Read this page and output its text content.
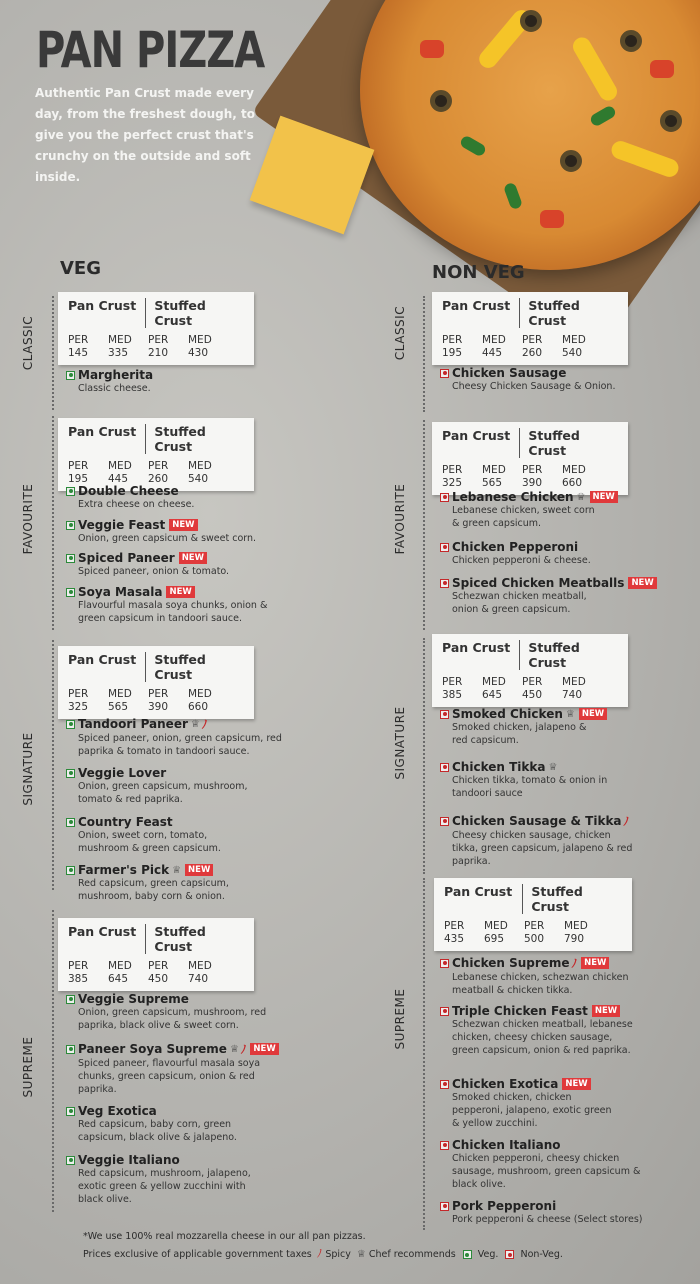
PAN PIZZA
Authentic Pan Crust made every day, from the freshest dough, to give you the perfect crust that's crunchy on the outside and soft inside.
VEG	NON VEG
CLASSIC
FAVOURITE
SIGNATURE
SUPREME
CLASSIC
FAVOURITE
SIGNATURE
SUPREME
Pan Crust	Stuffed Crust
PER	MED	PER	MED
145	335	210	430
Pan Crust	Stuffed Crust
PER	MED	PER	MED
195	445	260	540
Pan Crust	Stuffed Crust
PER	MED	PER	MED
325	565	390	660
Pan Crust	Stuffed Crust
PER	MED	PER	MED
385	645	450	740
Pan Crust	Stuffed Crust
PER	MED	PER	MED
195	445	260	540
Pan Crust	Stuffed Crust
PER	MED	PER	MED
325	565	390	660
Pan Crust	Stuffed Crust
PER	MED	PER	MED
385	645	450	740
Pan Crust	Stuffed Crust
PER	MED	PER	MED
435	695	500	790
Margherita
Classic cheese.
Double Cheese
Extra cheese on cheese.
Veggie Feast NEW
Onion, green capsicum & sweet corn.
Spiced Paneer NEW
Spiced paneer, onion & tomato.
Soya Masala NEW
Flavourful masala soya chunks, onion & green capsicum in tandoori sauce.
Tandoori Paneer ♕ ﾉ
Spiced paneer, onion, green capsicum, red paprika & tomato in tandoori sauce.
Veggie Lover
Onion, green capsicum, mushroom, tomato & red paprika.
Country Feast
Onion, sweet corn, tomato, mushroom & green capsicum.
Farmer's Pick ♕ NEW
Red capsicum, green capsicum, mushroom, baby corn & onion.
Veggie Supreme
Onion, green capsicum, mushroom, red paprika, black olive & sweet corn.
Paneer Soya Supreme ♕ ﾉ NEW
Spiced paneer, flavourful masala soya chunks, green capsicum, onion & red paprika.
Veg Exotica
Red capsicum, baby corn, green capsicum, black olive & jalapeno.
Veggie Italiano
Red capsicum, mushroom, jalapeno, exotic green & yellow zucchini with black olive.
Chicken Sausage
Cheesy Chicken Sausage & Onion.
Lebanese Chicken ♕ NEW
Lebanese chicken, sweet corn & green capsicum.
Chicken Pepperoni
Chicken pepperoni & cheese.
Spiced Chicken Meatballs NEW
Schezwan chicken meatball, onion & green capsicum.
Smoked Chicken ♕ NEW
Smoked chicken, jalapeno & red capsicum.
Chicken Tikka ♕
Chicken tikka, tomato & onion in tandoori sauce
Chicken Sausage & Tikka ﾉ
Cheesy chicken sausage, chicken tikka, green capsicum, jalapeno & red paprika.
Chicken Supreme ﾉ NEW
Lebanese chicken, schezwan chicken meatball & chicken tikka.
Triple Chicken Feast NEW
Schezwan chicken meatball, lebanese chicken, cheesy chicken sausage, green capsicum, onion & red paprika.
Chicken Exotica NEW
Smoked chicken, chicken pepperoni, jalapeno, exotic green & yellow zucchini.
Chicken Italiano
Chicken pepperoni, cheesy chicken sausage, mushroom, green capsicum & black olive.
Pork Pepperoni
Pork pepperoni & cheese (Select stores)
*We use 100% real mozzarella cheese in our all pan pizzas.
Prices exclusive of applicable government taxes ﾉ Spicy ♕ Chef recommends Veg. Non-Veg.
